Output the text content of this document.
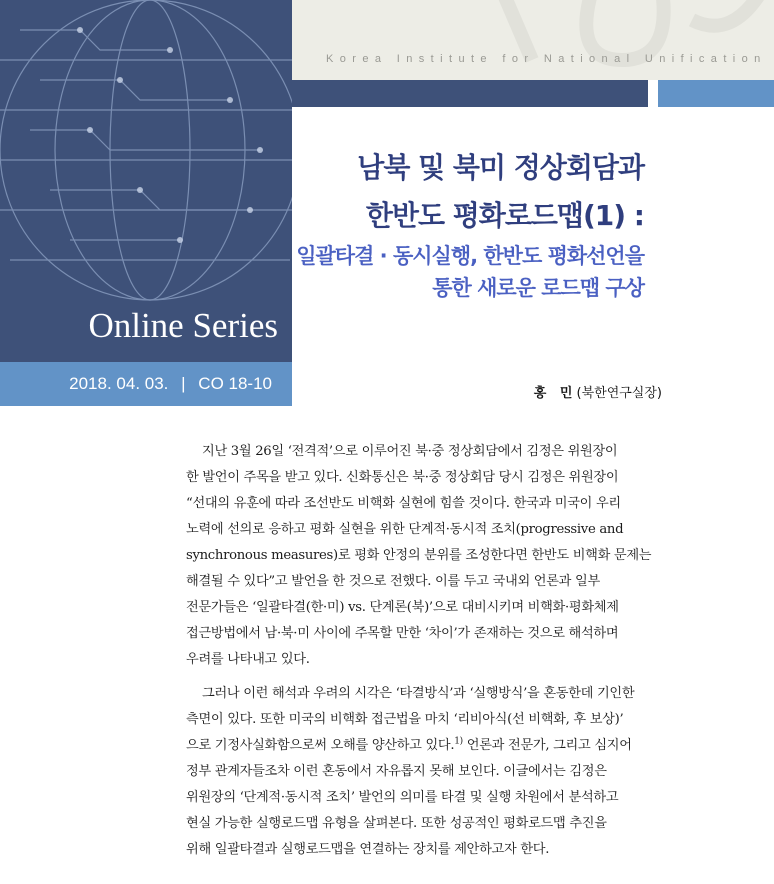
Online Series
2018. 04. 03. | CO 18-10
Korea Institute for National Unification
남북 및 북미 정상회담과
한반도 평화로드맵(1) :
일괄타결 · 동시실행, 한반도 평화선언을
통한 새로운 로드맵 구상
홍   민 (북한연구실장)
지난 3월 26일 ‘전격적’으로 이루어진 북·중 정상회담에서 김정은 위원장이
한 발언이 주목을 받고 있다. 신화통신은 북·중 정상회담 당시 김정은 위원장이
“선대의 유훈에 따라 조선반도 비핵화 실현에 힘쓸 것이다. 한국과 미국이 우리
노력에 선의로 응하고 평화 실현을 위한 단계적·동시적 조치(progressive and
synchronous measures)로 평화 안정의 분위를 조성한다면 한반도 비핵화 문제는
해결될 수 있다”고 발언을 한 것으로 전했다. 이를 두고 국내외 언론과 일부
전문가들은 ‘일괄타결(한·미) vs. 단계론(북)’으로 대비시키며 비핵화·평화체제
접근방법에서 남·북·미 사이에 주목할 만한 ‘차이’가 존재하는 것으로 해석하며
우려를 나타내고 있다.
그러나 이런 해석과 우려의 시각은 ‘타결방식’과 ‘실행방식’을 혼동한데 기인한
측면이 있다. 또한 미국의 비핵화 접근법을 마치 ‘리비아식(선 비핵화, 후 보상)’
으로 기정사실화함으로써 오해를 양산하고 있다.$^{1)}$ 언론과 전문가, 그리고 심지어
정부 관계자들조차 이런 혼동에서 자유롭지 못해 보인다. 이글에서는 김정은
위원장의 ‘단계적·동시적 조치’ 발언의 의미를 타결 및 실행 차원에서 분석하고
현실 가능한 실행로드맵 유형을 살펴본다. 또한 성공적인 평화로드맵 추진을
위해 일괄타결과 실행로드맵을 연결하는 장치를 제안하고자 한다.
